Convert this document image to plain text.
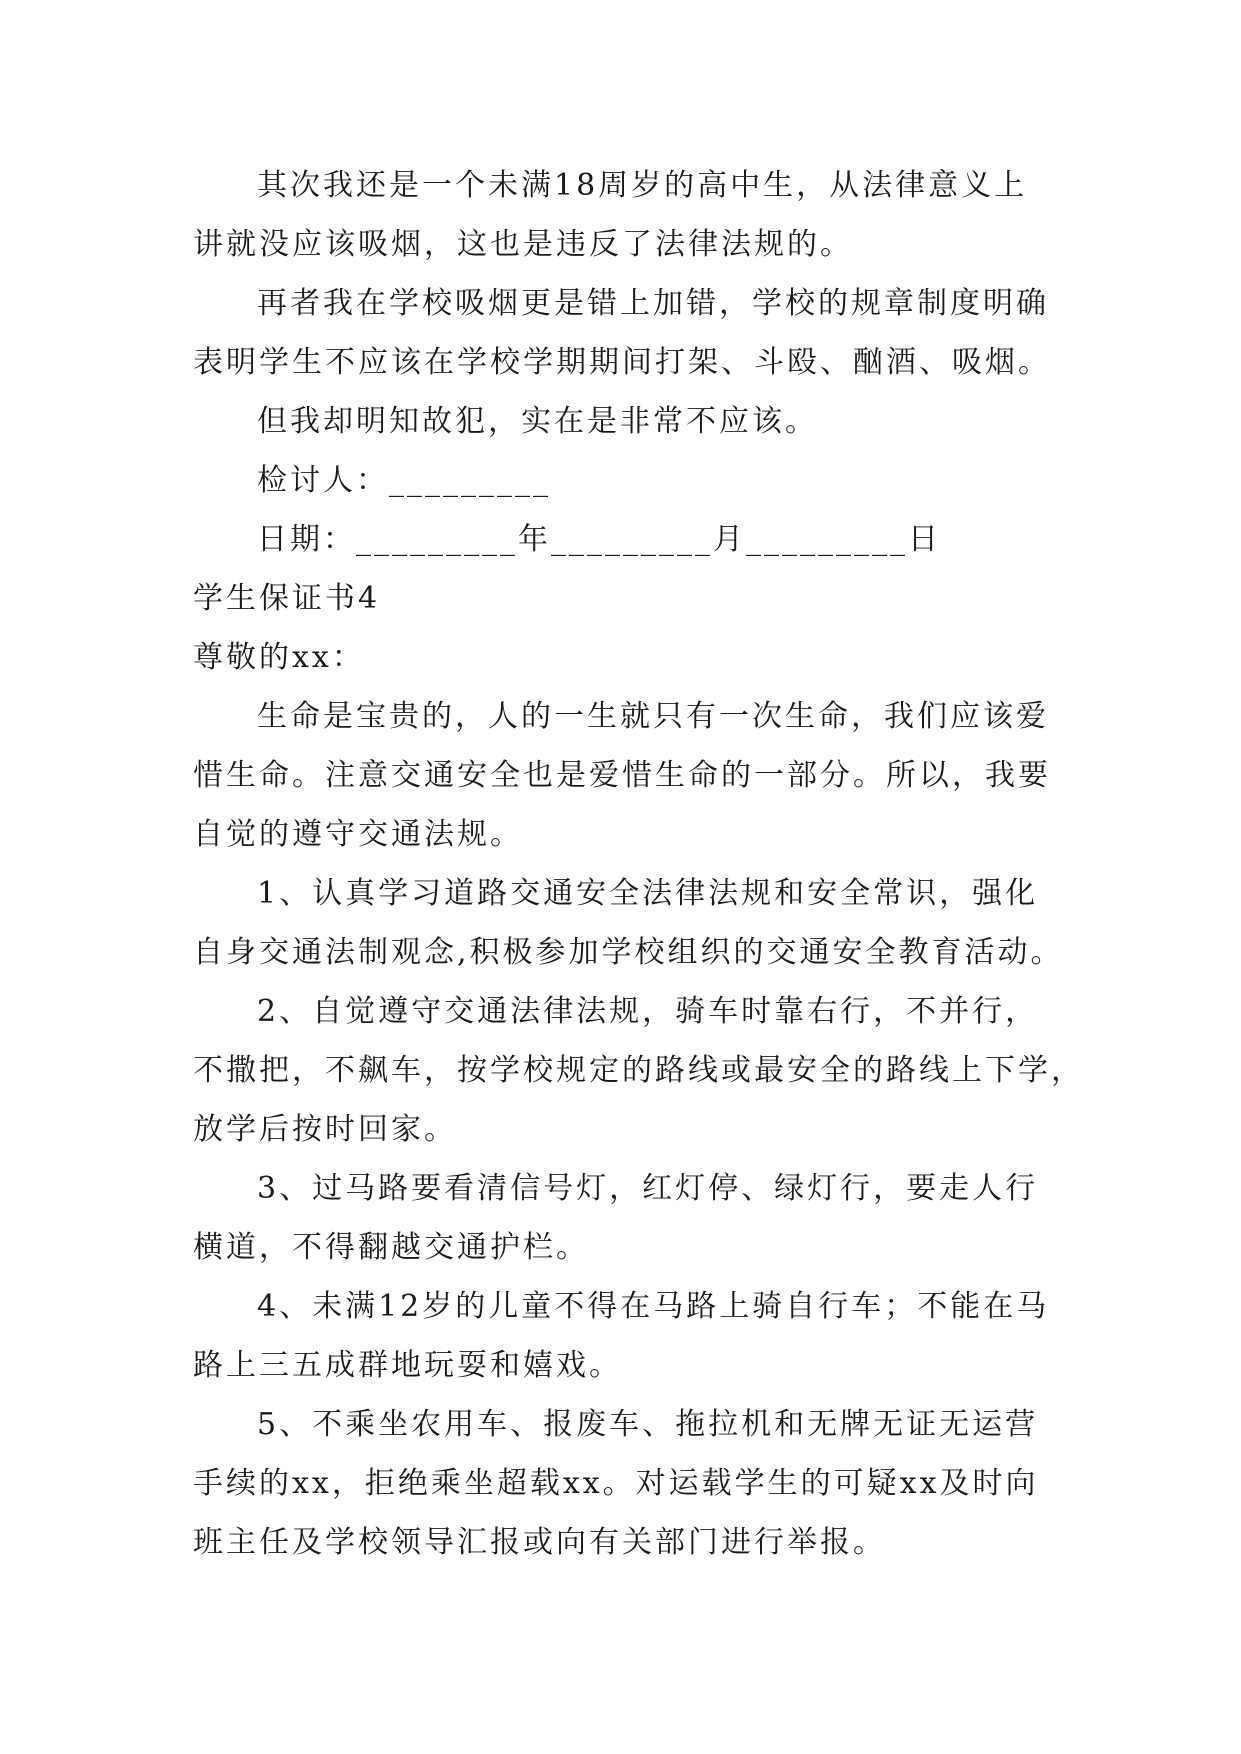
其次我还是一个未满18周岁的高中生，从法律意义上
讲就没应该吸烟，这也是违反了法律法规的。
再者我在学校吸烟更是错上加错，学校的规章制度明确
表明学生不应该在学校学期期间打架、斗殴、酗酒、吸烟。
但我却明知故犯，实在是非常不应该。
检讨人：_________
日期：_________年_________月_________日
学生保证书4
尊敬的xx：
生命是宝贵的，人的一生就只有一次生命，我们应该爱
惜生命。注意交通安全也是爱惜生命的一部分。所以，我要
自觉的遵守交通法规。
1、认真学习道路交通安全法律法规和安全常识，强化
自身交通法制观念,积极参加学校组织的交通安全教育活动。
2、自觉遵守交通法律法规，骑车时靠右行，不并行，
不撒把，不飙车，按学校规定的路线或最安全的路线上下学，
放学后按时回家。
3、过马路要看清信号灯，红灯停、绿灯行，要走人行
横道，不得翻越交通护栏。
4、未满12岁的儿童不得在马路上骑自行车；不能在马
路上三五成群地玩耍和嬉戏。
5、不乘坐农用车、报废车、拖拉机和无牌无证无运营
手续的xx，拒绝乘坐超载xx。对运载学生的可疑xx及时向
班主任及学校领导汇报或向有关部门进行举报。
